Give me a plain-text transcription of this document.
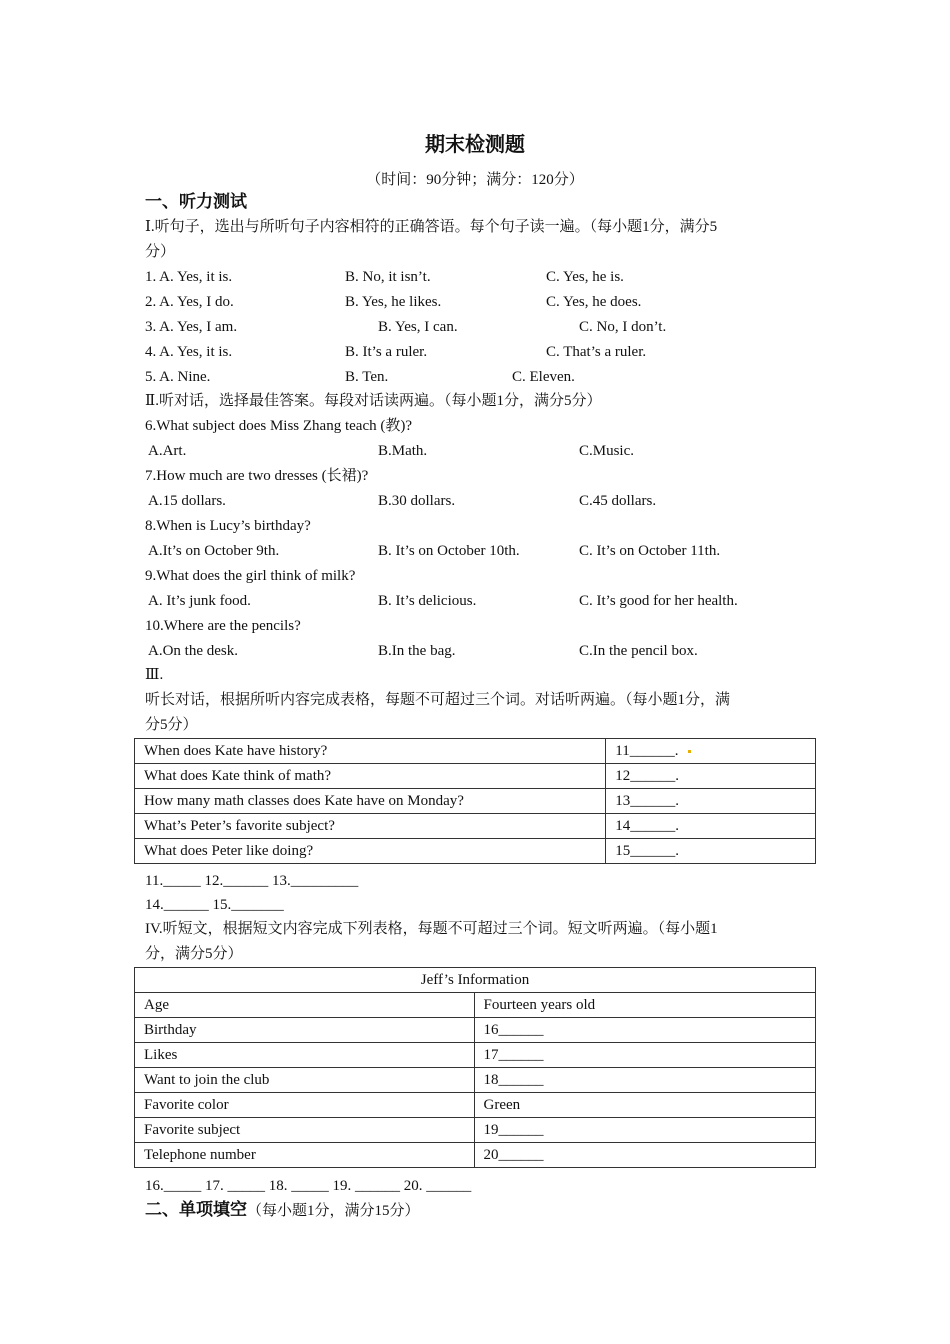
期末检测题
（时间：90分钟；满分：120分）
一、听力测试
Ⅰ.听句子，选出与所听句子内容相符的正确答语。每个句子读一遍。（每小题1分，满分5
分）
1. A. Yes, it is.	B. No, it isn’t.	C. Yes, he is.
2. A. Yes, I do.	B. Yes, he likes.	C. Yes, he does.
3. A. Yes, I am.	B. Yes, I can.	C. No, I don’t.
4. A. Yes, it is.	B. It’s a ruler.	C. That’s a ruler.
5. A. Nine.	B. Ten.	C. Eleven.
Ⅱ.听对话，选择最佳答案。每段对话读两遍。（每小题1分，满分5分）
6.What subject does Miss Zhang teach (教)?
A.Art.	B.Math.	C.Music.
7.How much are two dresses (长裙)?
A.15 dollars.	B.30 dollars.	C.45 dollars.
8.When is Lucy’s birthday?
A.It’s on October 9th.	B. It’s on October 10th.	C. It’s on October 11th.
9.What does the girl think of milk?
A. It’s junk food.	B. It’s delicious.	C. It’s good for her health.
10.Where are the pencils?
A.On the desk.	B.In the bag.	C.In the pencil box.
Ⅲ.
听长对话，根据所听内容完成表格，每题不可超过三个词。对话听两遍。（每小题1分，满
分5分）
When does Kate have history?	11______.
What does Kate think of math?	12______.
How many math classes does Kate have on Monday?	13______.
What’s Peter’s favorite subject?	14______.
What does Peter like doing?	15______.
11._____ 12.______ 13._________
14.______ 15._______
IV.听短文，根据短文内容完成下列表格，每题不可超过三个词。短文听两遍。（每小题1
分，满分5分）
Jeff’s Information	
Age	Fourteen years old
Birthday	16______
Likes	17______
Want to join the club	18______
Favorite color	Green
Favorite subject	19______
Telephone number	20______
16._____ 17. _____ 18. _____ 19. ______ 20. ______
二、单项填空（每小题1分，满分15分）
